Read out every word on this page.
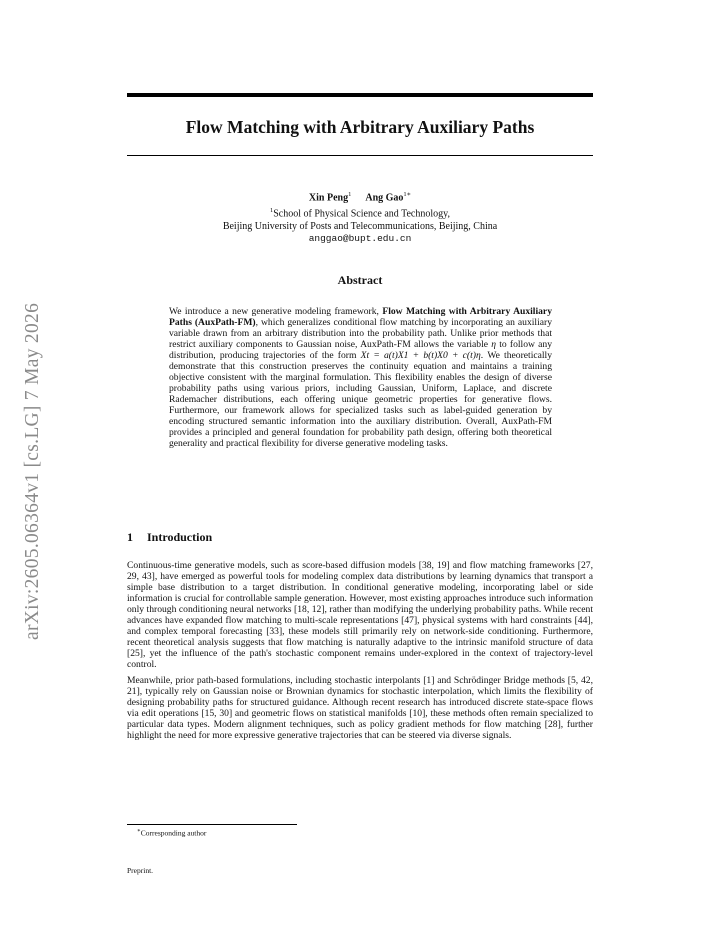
arXiv:2605.06364v1 [cs.LG] 7 May 2026
Flow Matching with Arbitrary Auxiliary Paths
Xin Peng$^1$ Ang Gao$^{1∗}$
$^1$School of Physical Science and Technology,
Beijing University of Posts and Telecommunications, Beijing, China
anggao@bupt.edu.cn
Abstract
We introduce a new generative modeling framework, Flow Matching with Arbitrary Auxiliary Paths (AuxPath-FM), which generalizes conditional flow matching by incorporating an auxiliary variable drawn from an arbitrary distribution into the probability path. Unlike prior methods that restrict auxiliary components to Gaussian noise, AuxPath-FM allows the variable η to follow any distribution, producing trajectories of the form Xt = a(t)X1 + b(t)X0 + c(t)η. We theoretically demonstrate that this construction preserves the continuity equation and maintains a training objective consistent with the marginal formulation. This flexibility enables the design of diverse probability paths using various priors, including Gaussian, Uniform, Laplace, and discrete Rademacher distributions, each offering unique geometric properties for generative flows. Furthermore, our framework allows for specialized tasks such as label-guided generation by encoding structured semantic information into the auxiliary distribution. Overall, AuxPath-FM provides a principled and general foundation for probability path design, offering both theoretical generality and practical flexibility for diverse generative modeling tasks.
1 Introduction

Continuous-time generative models, such as score-based diffusion models [38, 19] and flow matching frameworks [27, 29, 43], have emerged as powerful tools for modeling complex data distributions by learning dynamics that transport a simple base distribution to a target distribution. In conditional generative modeling, incorporating label or side information is crucial for controllable sample generation. However, most existing approaches introduce such information only through conditioning neural networks [18, 12], rather than modifying the underlying probability paths. While recent advances have expanded flow matching to multi-scale representations [47], physical systems with hard constraints [44], and complex temporal forecasting [33], these models still primarily rely on network-side conditioning. Furthermore, recent theoretical analysis suggests that flow matching is naturally adaptive to the intrinsic manifold structure of data [25], yet the influence of the path's stochastic component remains under-explored in the context of trajectory-level control.

Meanwhile, prior path-based formulations, including stochastic interpolants [1] and Schrödinger Bridge methods [5, 42, 21], typically rely on Gaussian noise or Brownian dynamics for stochastic interpolation, which limits the flexibility of designing probability paths for structured guidance. Although recent research has introduced discrete state-space flows via edit operations [15, 30] and geometric flows on statistical manifolds [10], these methods often remain specialized to particular data types. Modern alignment techniques, such as policy gradient methods for flow matching [28], further highlight the need for more expressive generative trajectories that can be steered via diverse signals.

∗Corresponding author
Preprint.
